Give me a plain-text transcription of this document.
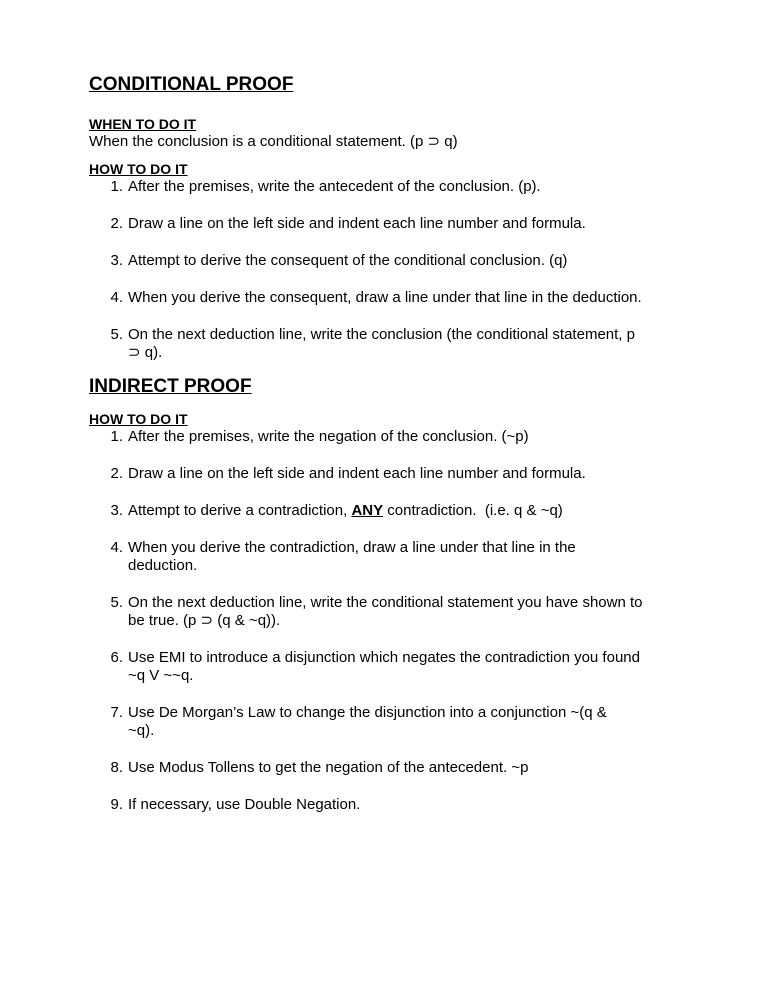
CONDITIONAL PROOF
WHEN TO DO IT

When the conclusion is a conditional statement. (p ⊃ q)

HOW TO DO IT
1. After the premises, write the antecedent of the conclusion. (p).
2. Draw a line on the left side and indent each line number and formula.
3. Attempt to derive the consequent of the conditional conclusion. (q)
4. When you derive the consequent, draw a line under that line in the deduction.
5. On the next deduction line, write the conclusion (the conditional statement, p ⊃ q).
INDIRECT PROOF
HOW TO DO IT
1. After the premises, write the negation of the conclusion. (~p)
2. Draw a line on the left side and indent each line number and formula.
3. Attempt to derive a contradiction, ANY contradiction.  (i.e. q & ~q)
4. When you derive the contradiction, draw a line under that line in the deduction.
5. On the next deduction line, write the conditional statement you have shown to be true. (p ⊃ (q & ~q)).
6. Use EMI to introduce a disjunction which negates the contradiction you found ~q V ~~q.
7. Use De Morgan’s Law to change the disjunction into a conjunction ~(q & ~q).
8. Use Modus Tollens to get the negation of the antecedent. ~p
9. If necessary, use Double Negation.
